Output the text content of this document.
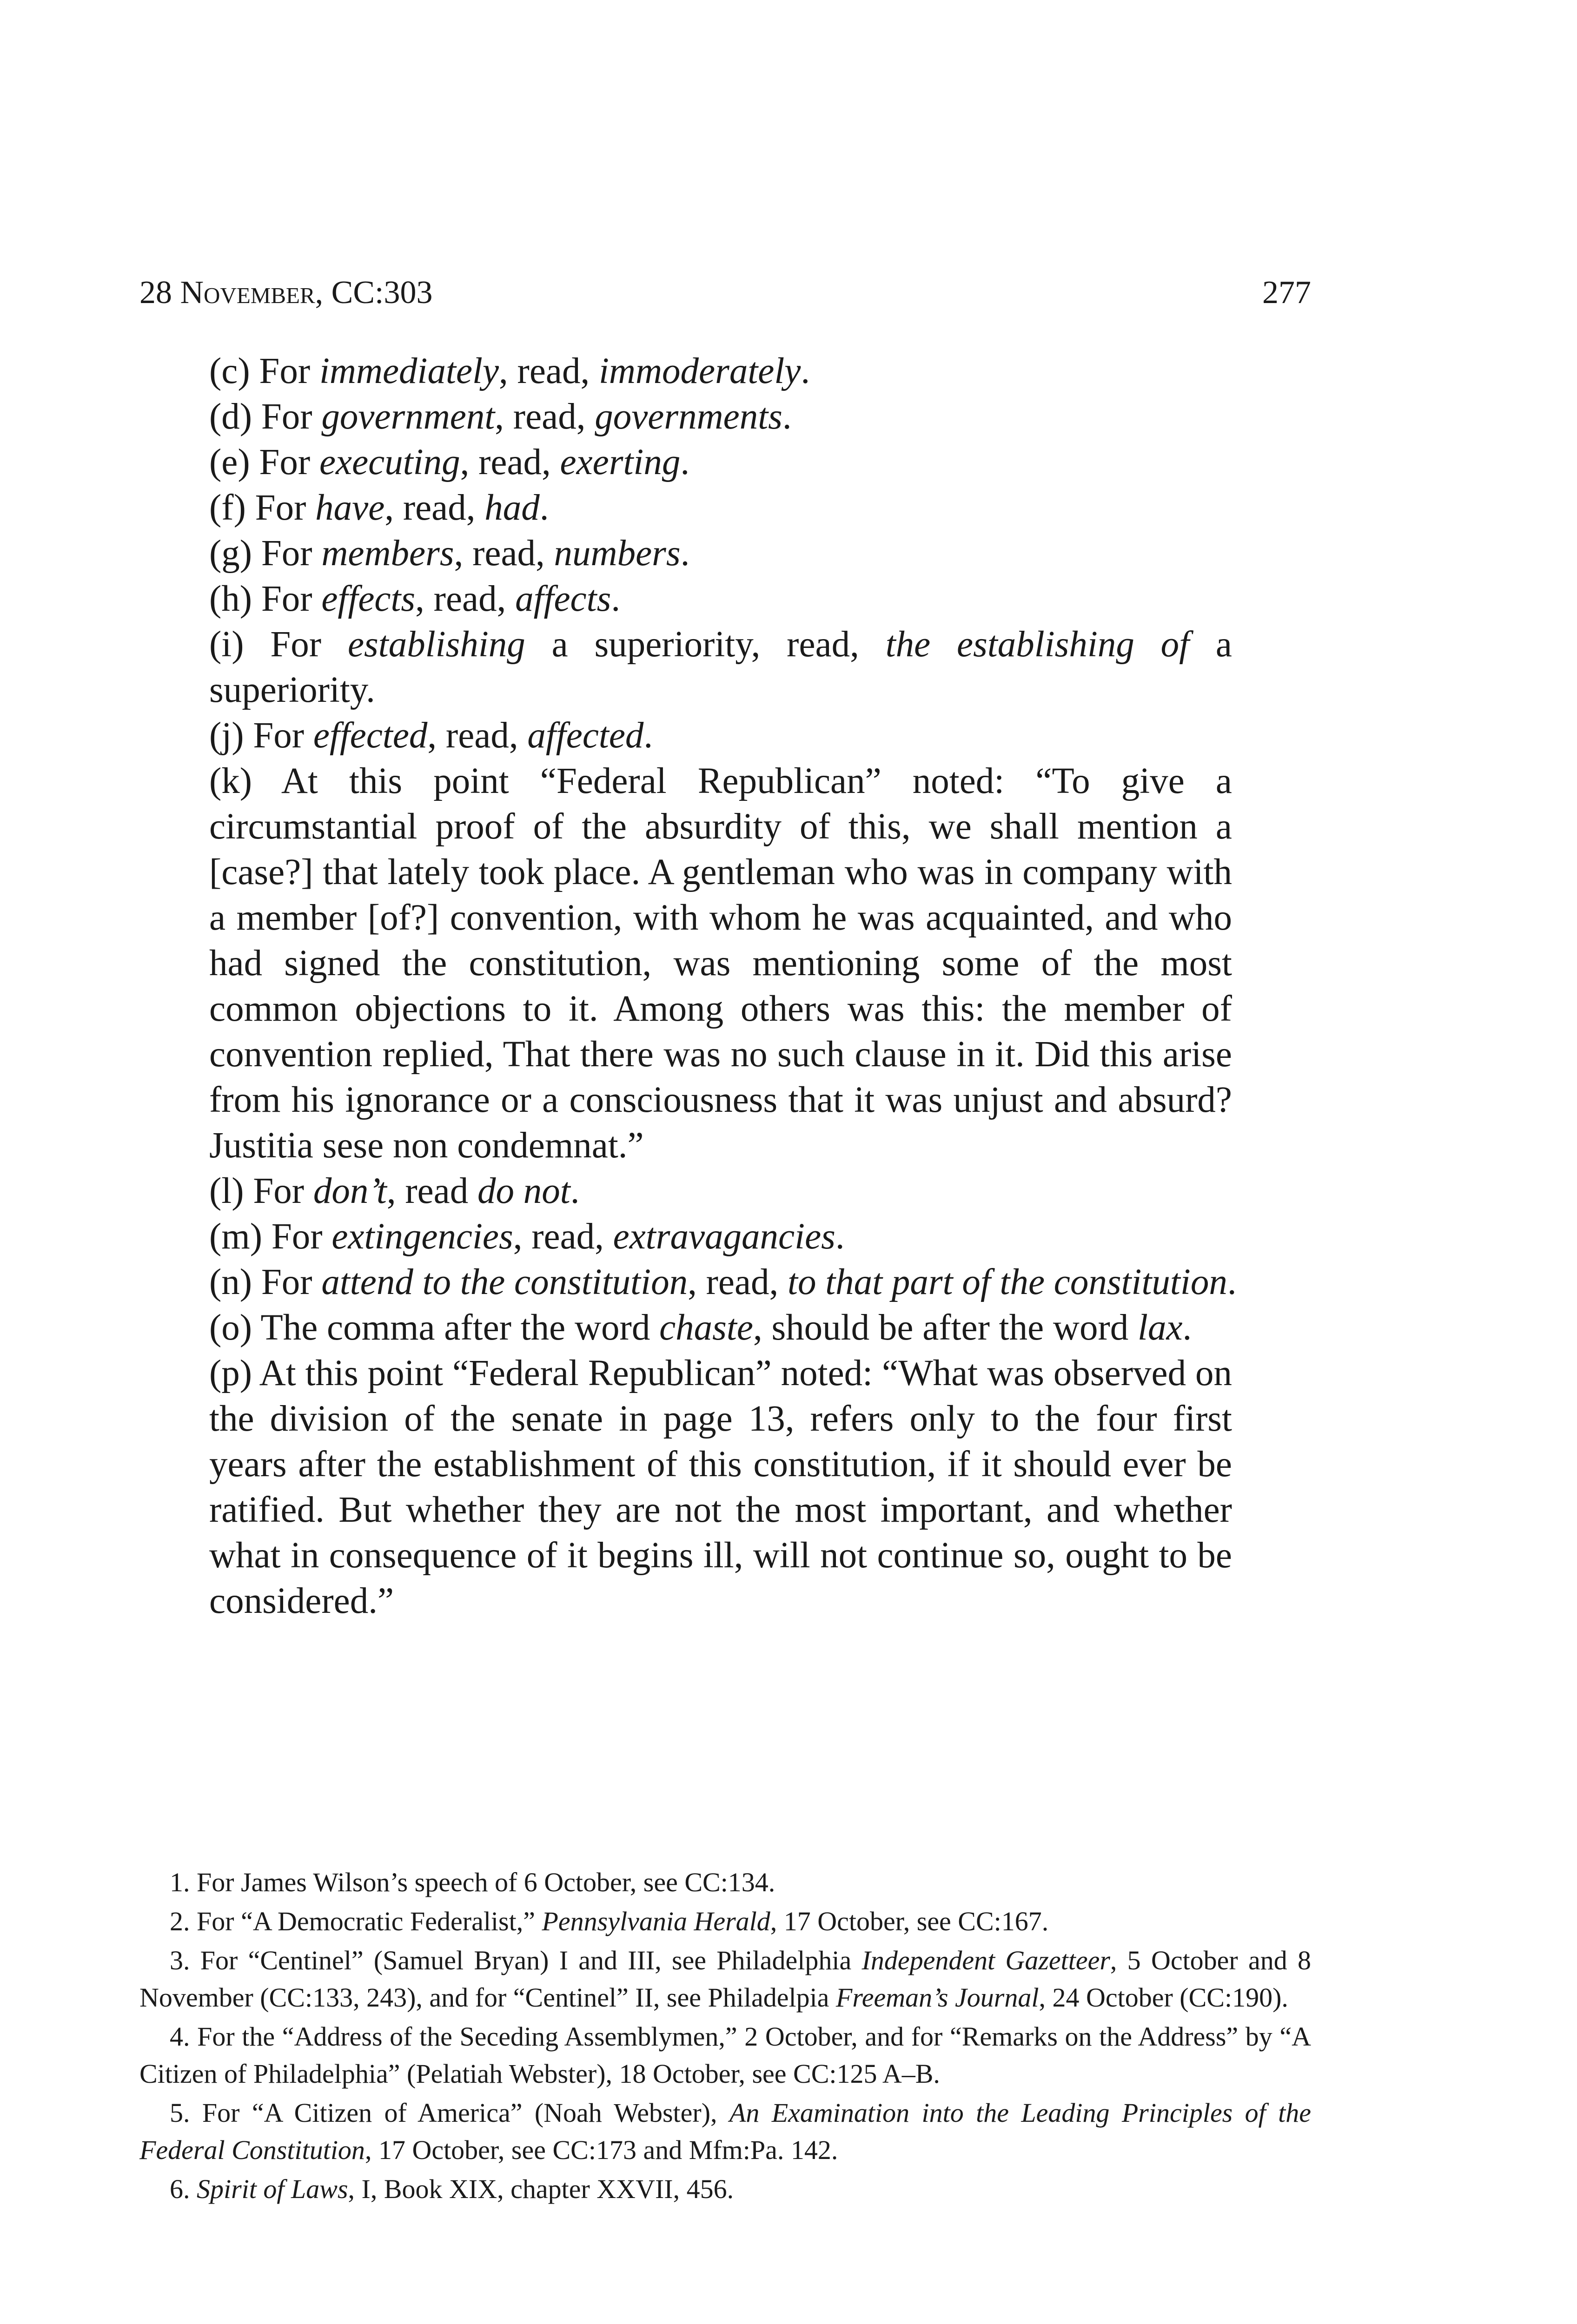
28 November, CC:303	277
(c) For immediately, read, immoderately.
(d) For government, read, governments.
(e) For executing, read, exerting.
(f) For have, read, had.
(g) For members, read, numbers.
(h) For effects, read, affects.
(i) For establishing a superiority, read, the establishing of a superiority.
(j) For effected, read, affected.
(k) At this point “Federal Republican” noted: “To give a circumstantial proof of the absurdity of this, we shall mention a [case?] that lately took place. A gentleman who was in company with a member [of?] convention, with whom he was acquainted, and who had signed the constitution, was mentioning some of the most common objections to it. Among others was this: the member of convention replied, That there was no such clause in it. Did this arise from his ignorance or a consciousness that it was unjust and absurd? Justitia sese non condemnat.”
(l) For don’t, read do not.
(m) For extingencies, read, extravagancies.
(n) For attend to the constitution, read, to that part of the constitution.
(o) The comma after the word chaste, should be after the word lax.
(p) At this point “Federal Republican” noted: “What was observed on the division of the senate in page 13, refers only to the four first years after the establishment of this constitution, if it should ever be ratified. But whether they are not the most important, and whether what in consequence of it begins ill, will not continue so, ought to be considered.”
1. For James Wilson’s speech of 6 October, see CC:134.
2. For “A Democratic Federalist,” Pennsylvania Herald, 17 October, see CC:167.
3. For “Centinel” (Samuel Bryan) I and III, see Philadelphia Independent Gazetteer, 5 October and 8 November (CC:133, 243), and for “Centinel” II, see Philadelpia Freeman’s Journal, 24 October (CC:190).
4. For the “Address of the Seceding Assemblymen,” 2 October, and for “Remarks on the Address” by “A Citizen of Philadelphia” (Pelatiah Webster), 18 October, see CC:125 A–B.
5. For “A Citizen of America” (Noah Webster), An Examination into the Leading Principles of the Federal Constitution, 17 October, see CC:173 and Mfm:Pa. 142.
6. Spirit of Laws, I, Book XIX, chapter XXVII, 456.
